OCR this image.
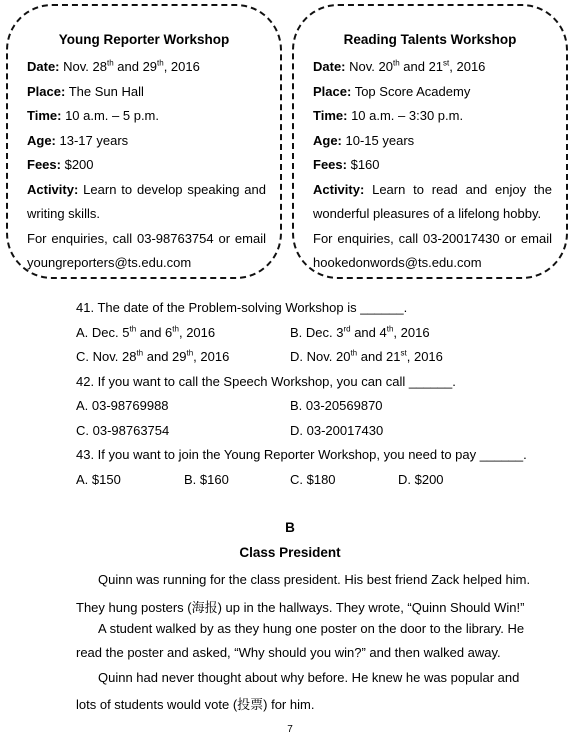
Young Reporter Workshop
Date: Nov. 28th and 29th, 2016
Place: The Sun Hall
Time: 10 a.m. – 5 p.m.
Age: 13-17 years
Fees: $200
Activity: Learn to develop speaking and
writing skills.
For enquiries, call 03-98763754 or email
youngreporters@ts.edu.com
Reading Talents Workshop
Date: Nov. 20th and 21st, 2016
Place: Top Score Academy
Time: 10 a.m. – 3:30 p.m.
Age: 10-15 years
Fees: $160
Activity: Learn to read and enjoy the
wonderful pleasures of a lifelong hobby.
For enquiries, call 03-20017430 or email
hookedonwords@ts.edu.com
41. The date of the Problem-solving Workshop is ______.
A. Dec. 5th and 6th, 2016	B. Dec. 3rd and 4th, 2016
C. Nov. 28th and 29th, 2016	D. Nov. 20th and 21st, 2016
42. If you want to call the Speech Workshop, you can call ______.
A. 03-98769988	B. 03-20569870
C. 03-98763754	D. 03-20017430
43. If you want to join the Young Reporter Workshop, you need to pay ______.
A. $150	B. $160	C. $180	D. $200
B
Class President
Quinn was running for the class president. His best friend Zack helped him.
They hung posters (海报) up in the hallways. They wrote, “Quinn Should Win!”
A student walked by as they hung one poster on the door to the library. He
read the poster and asked, “Why should you win?” and then walked away.
Quinn had never thought about why before. He knew he was popular and
lots of students would vote (投票) for him.
7
